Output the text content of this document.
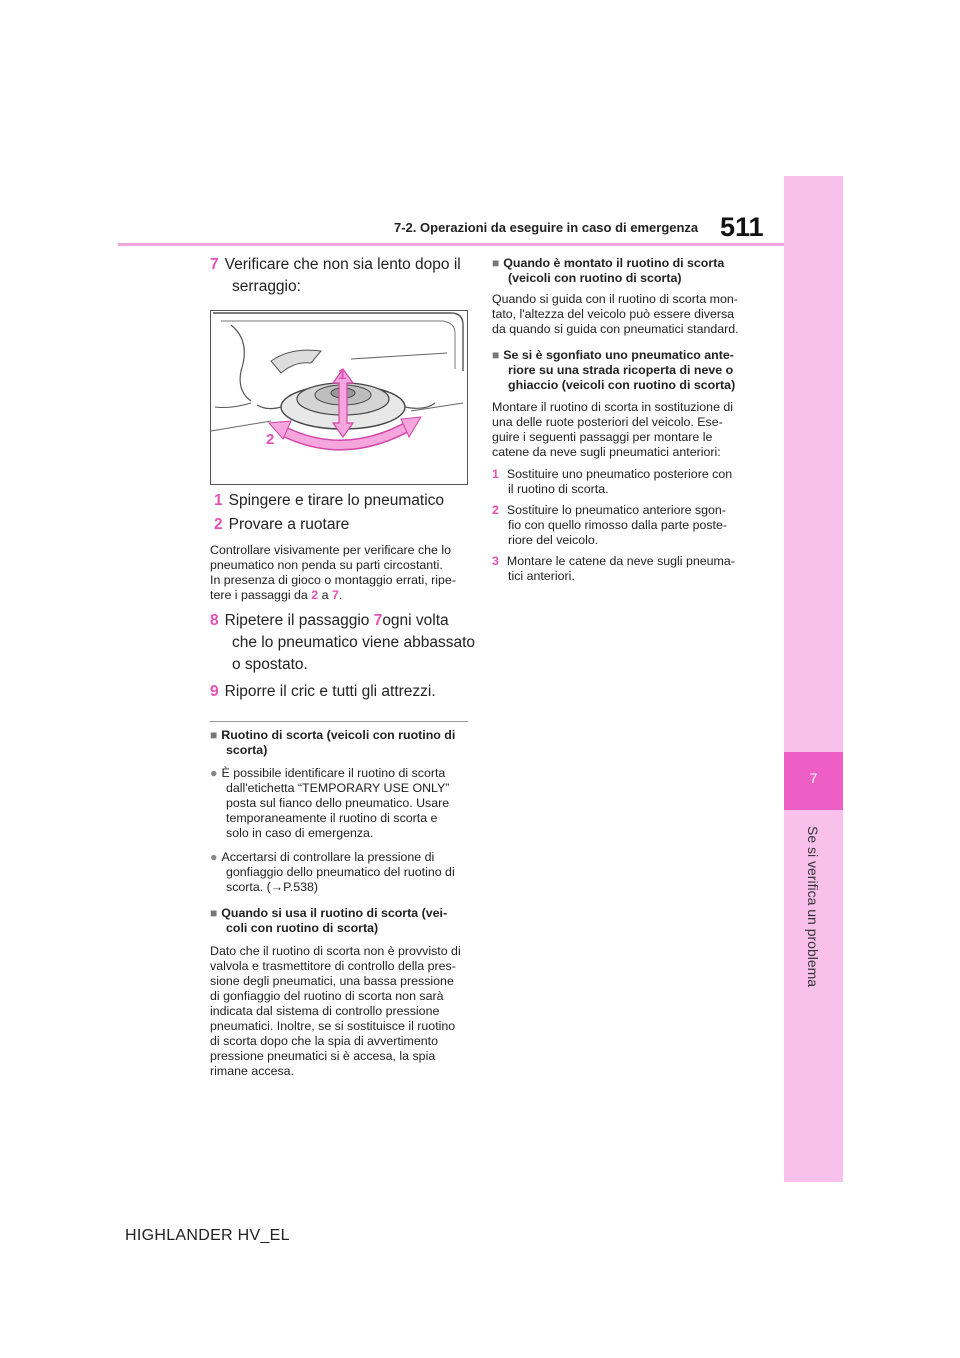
7
Se si verifica un problema
7-2. Operazioni da eseguire in caso di emergenza 511
7 Verificare che non sia lento dopo il
serraggio:
1
2
1 Spingere e tirare lo pneumatico
2 Provare a ruotare
Controllare visivamente per verificare che lo
pneumatico non penda su parti circostanti.
In presenza di gioco o montaggio errati, ripe-
tere i passaggi da 2 a 7.
8 Ripetere il passaggio 7ogni volta
che lo pneumatico viene abbassato
o spostato.
9 Riporre il cric e tutti gli attrezzi.
■ Ruotino di scorta (veicoli con ruotino di
scorta)
● È possibile identificare il ruotino di scorta
dall'etichetta “TEMPORARY USE ONLY”
posta sul fianco dello pneumatico. Usare
temporaneamente il ruotino di scorta e
solo in caso di emergenza.
● Accertarsi di controllare la pressione di
gonfiaggio dello pneumatico del ruotino di
scorta. (→P.538)
■ Quando si usa il ruotino di scorta (vei-
coli con ruotino di scorta)
Dato che il ruotino di scorta non è provvisto di
valvola e trasmettitore di controllo della pres-
sione degli pneumatici, una bassa pressione
di gonfiaggio del ruotino di scorta non sarà
indicata dal sistema di controllo pressione
pneumatici. Inoltre, se si sostituisce il ruotino
di scorta dopo che la spia di avvertimento
pressione pneumatici si è accesa, la spia
rimane accesa.
■ Quando è montato il ruotino di scorta
(veicoli con ruotino di scorta)
Quando si guida con il ruotino di scorta mon-
tato, l'altezza del veicolo può essere diversa
da quando si guida con pneumatici standard.
■ Se si è sgonfiato uno pneumatico ante-
riore su una strada ricoperta di neve o
ghiaccio (veicoli con ruotino di scorta)
Montare il ruotino di scorta in sostituzione di
una delle ruote posteriori del veicolo. Ese-
guire i seguenti passaggi per montare le
catene da neve sugli pneumatici anteriori:
1 Sostituire uno pneumatico posteriore con
il ruotino di scorta.
2 Sostituire lo pneumatico anteriore sgon-
fio con quello rimosso dalla parte poste-
riore del veicolo.
3 Montare le catene da neve sugli pneuma-
tici anteriori.
HIGHLANDER HV_EL
